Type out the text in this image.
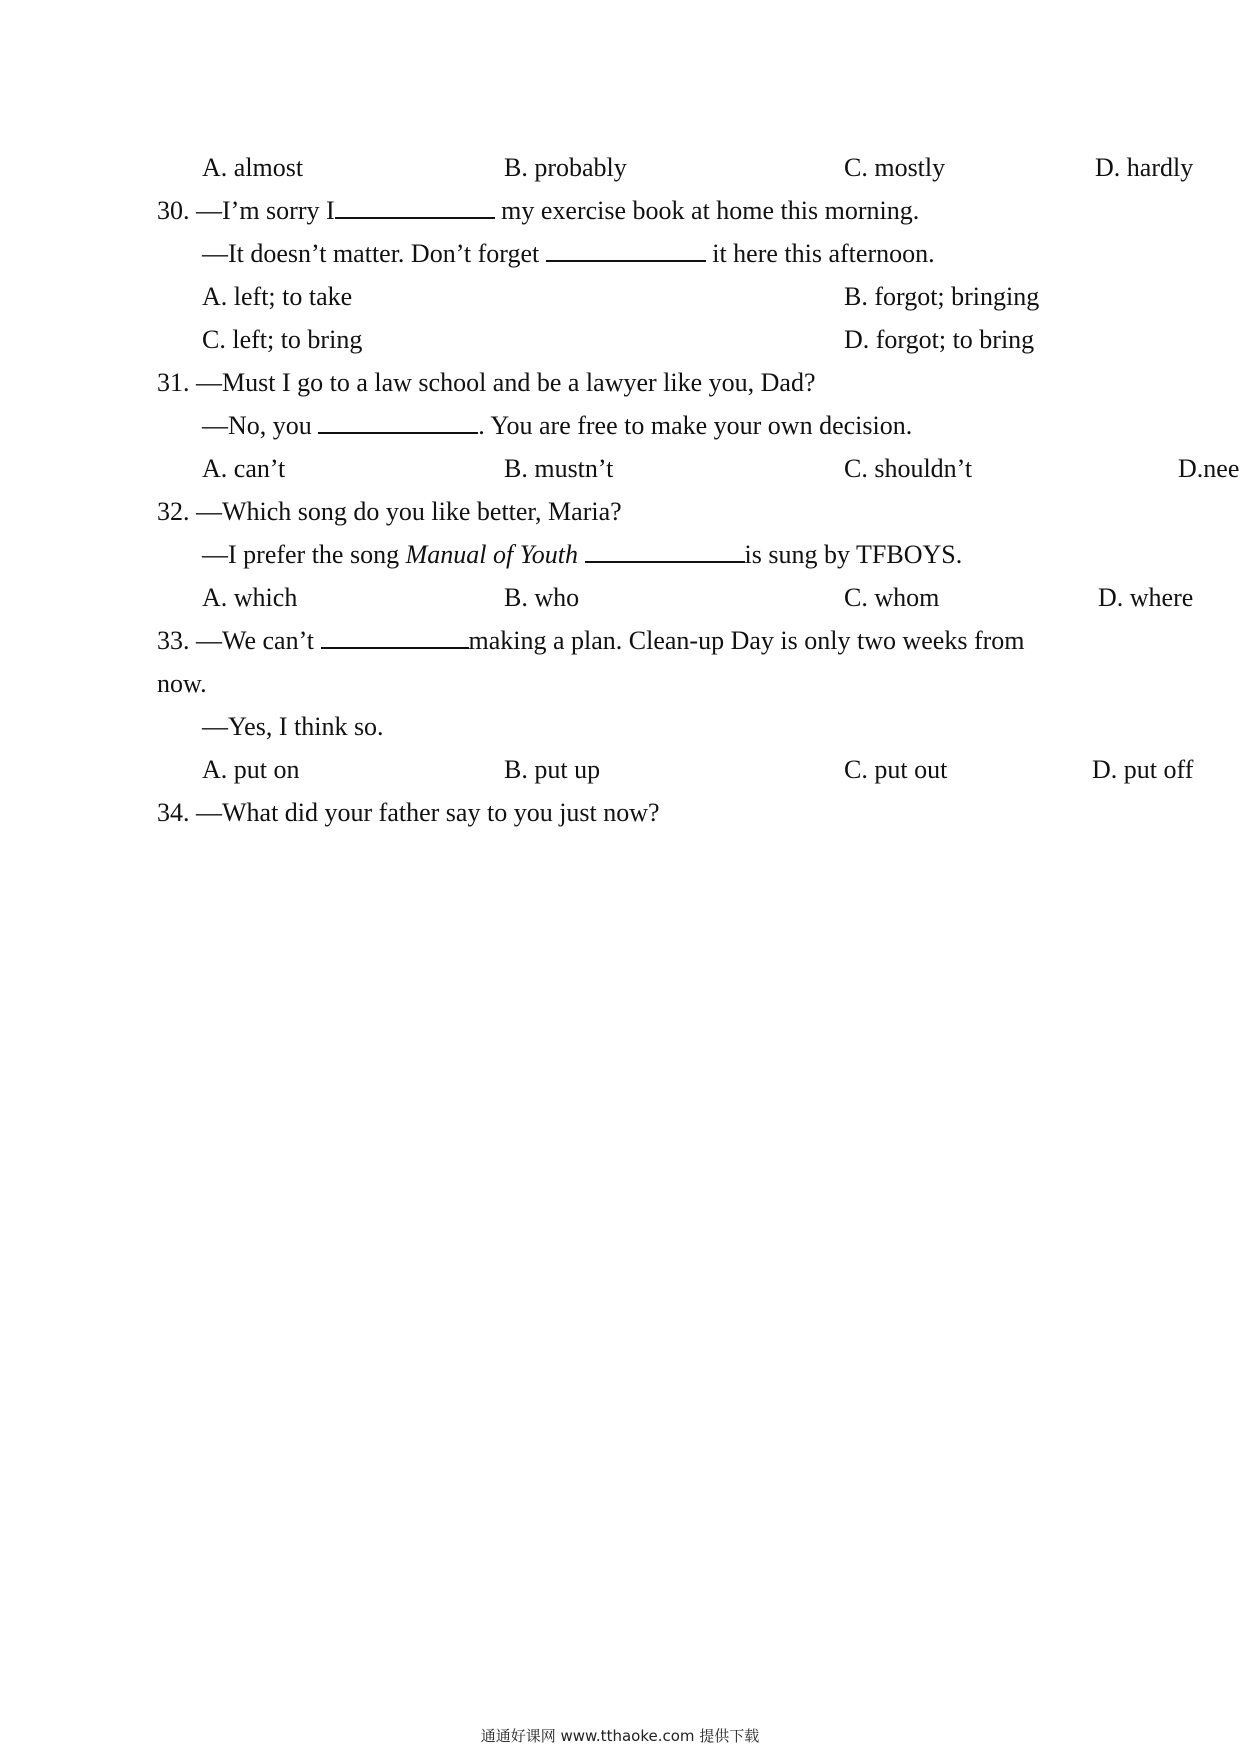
A. almost	B. probably	C. mostly	D. hardly
30. —I’m sorry I	my exercise book at home this morning.
—It doesn’t matter. Don’t forget	it here this afternoon.
A. left; to take	B. forgot; bringing
C. left; to bring	D. forgot; to bring
31. —Must I go to a law school and be a lawyer like you, Dad?
—No, you	. You are free to make your own decision.
A. can’t	B. mustn’t	C. shouldn’t	D.nee
32. —Which song do you like better, Maria?
—I prefer the song Manual of Youth	is sung by TFBOYS.
A. which	B. who	C. whom	D. where
33. —We can’t	making a plan. Clean-up Day is only two weeks from
now.
—Yes, I think so.
A. put on	B. put up	C. put out	D. put off
34. —What did your father say to you just now?
通通好课网 www.tthaoke.com 提供下载
